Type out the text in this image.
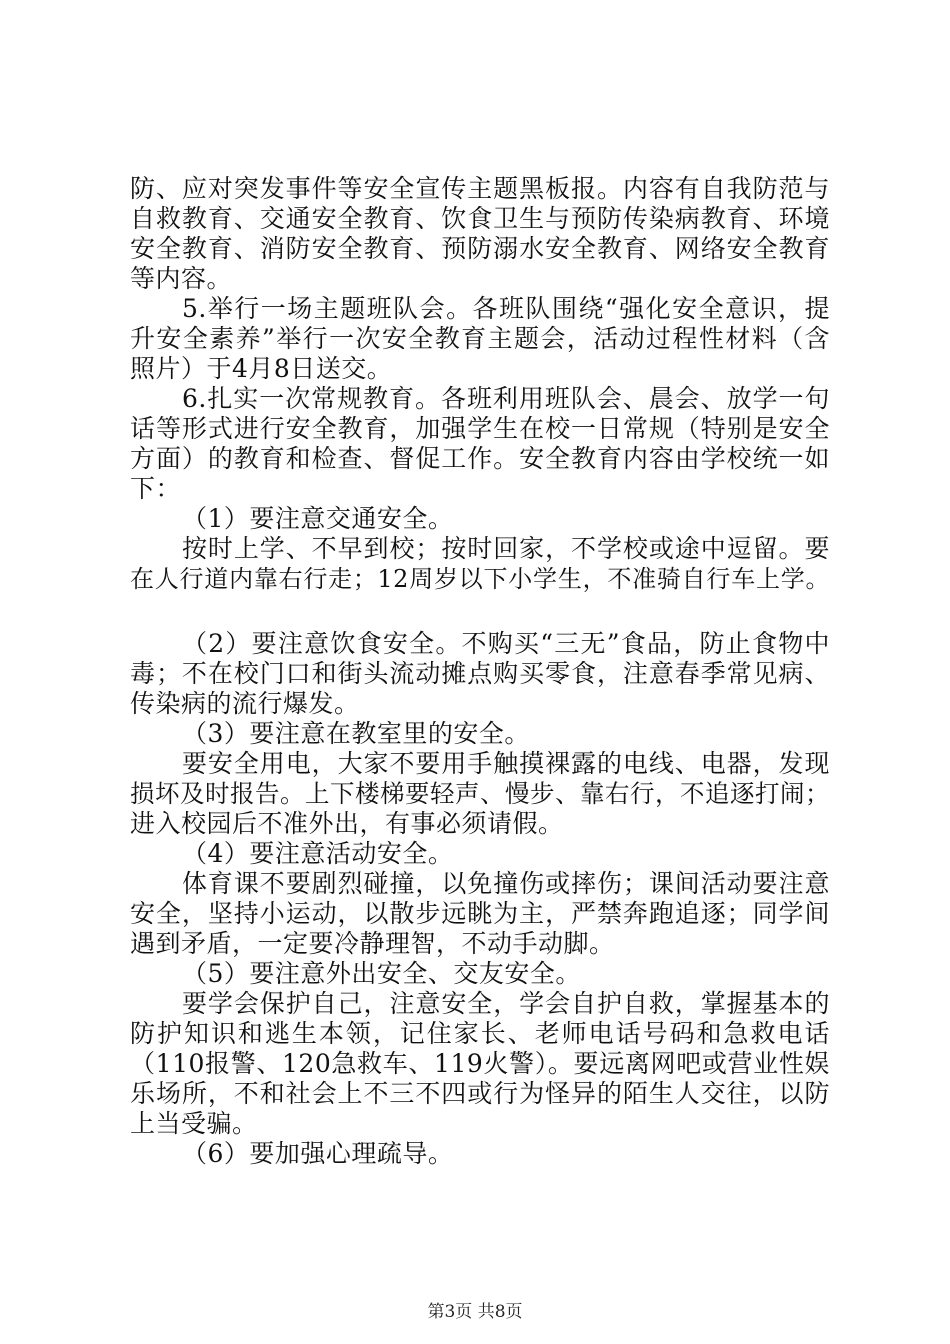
防、应对突发事件等安全宣传主题黑板报。内容有自我防范与
自救教育、交通安全教育、饮食卫生与预防传染病教育、环境
安全教育、消防安全教育、预防溺水安全教育、网络安全教育
等内容。
5.举行一场主题班队会。各班队围绕“强化安全意识，提
升安全素养”举行一次安全教育主题会，活动过程性材料（含
照片）于4月8日送交。
6.扎实一次常规教育。各班利用班队会、晨会、放学一句
话等形式进行安全教育，加强学生在校一日常规（特别是安全
方面）的教育和检查、督促工作。安全教育内容由学校统一如
下：
（1）要注意交通安全。
按时上学、不早到校；按时回家，不学校或途中逗留。要
在人行道内靠右行走；12周岁以下小学生，不准骑自行车上学。
（2）要注意饮食安全。不购买“三无”食品，防止食物中
毒；不在校门口和街头流动摊点购买零食，注意春季常见病、
传染病的流行爆发。
（3）要注意在教室里的安全。
要安全用电，大家不要用手触摸裸露的电线、电器，发现
损坏及时报告。上下楼梯要轻声、慢步、靠右行，不追逐打闹；
进入校园后不准外出，有事必须请假。
（4）要注意活动安全。
体育课不要剧烈碰撞，以免撞伤或摔伤；课间活动要注意
安全，坚持小运动，以散步远眺为主，严禁奔跑追逐；同学间
遇到矛盾，一定要冷静理智，不动手动脚。
（5）要注意外出安全、交友安全。
要学会保护自己，注意安全，学会自护自救，掌握基本的
防护知识和逃生本领，记住家长、老师电话号码和急救电话
（110报警、120急救车、119火警）。要远离网吧或营业性娱
乐场所，不和社会上不三不四或行为怪异的陌生人交往，以防
上当受骗。
（6）要加强心理疏导。
第3页 共8页
